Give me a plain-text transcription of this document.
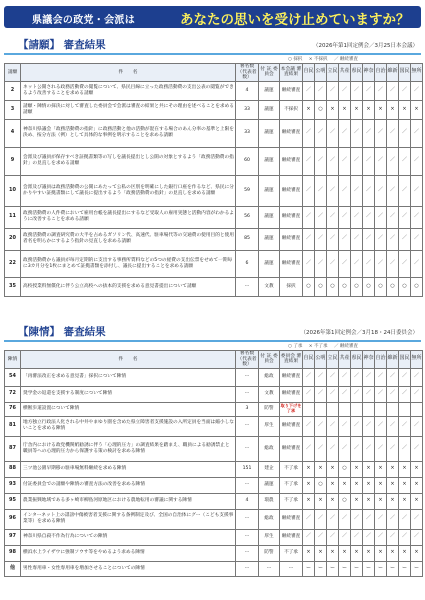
県議会の政党・会派は	あなたの思いを受け止めていますか？
【請願】 審査結果	（2026年第1回定例会／3月25日本会議）
○ 採択 × 不採択 ／ 継続審査
請願	件　　名	署名数（代表者数）	付 託 委員会	本会議 審査結果	自民	公明	立民	共産	県民	神奈	自治	維新	国民	無所
2	ネット公開される政務活動費の閲覧について、県民目線に立った政務活動費の支出公表の閲覧ができるよう改善することを求める請願	4	議運	継続審査	／	／	／	／	／	／	／	／	／	／
3	請願・陳情の採決に対して審査した委員会で会派は審査の結果と共にその理由を述べることを求める請願	33	議運	不採択	×	○	×	×	×	×	×	×	×	×
4	神奈川県議会「政務活動費の指針」に政務活動と他の活動が混在する場合のあん分率の基準と上限を決め、按分方法（例）として具体的な事例を明示することを求める請願	33	議運	継続審査	／	／	／	／	／	／	／	／	／	／
9	会派及び議員が保存すべき証拠書類等の写しを議長提出とし公開の対象とするよう「政務活動費の指針」の見直しを求める請願	60	議運	継続審査	／	／	／	／	／	／	／	／	／	／
10	会派及び議員は政務活動費の公開にあたって公私の区別を明確にした銀行口座を作るなど、県民に分かりやすい証拠書類にして議長に提出するよう「政務活動費の指針」の見直しを求める請願	59	議運	継続審査	／	／	／	／	／	／	／	／	／	／
11	政務活動費の人件費において雇用台帳を議長提出にするなど受取人の雇用実態と活動内容がわかるように改善することを求める請願	56	議運	継続審査	／	／	／	／	／	／	／	／	／	／
20	政務活動費の調査研究費の大半を占めるガソリン代、高速代、駐車場代等の交通費の使用目的と使用者名を明らかにするよう指針の見直しを求める請願	85	議運	継続審査	／	／	／	／	／	／	／	／	／	／
22	政務活動費から議員が毎月定期的に支出する事務所賃料などの5つの経費の支出伝票をせめて一期毎に3カ月分を1枚にまとめて証拠書類を添付し、議長に提出することを求める請願	6	議運	継続審査	／	／	／	／	／	／	／	／	／	／
35	高校授業料無償化に伴う公立高校への抜本的支援を求める意見書提出について請願	ー	文教	採択	○	○	○	○	○	○	○	○	○	○
【陳情】 審査結果	（2026年第1回定例会／3月18・24日委員会）
○ 了承 × 不了承 ／ 継続審査
陳情	件　　名	署名数（代表者数）	付 託 委員会	委員会 審査結果	自民	公明	立民	共産	県民	神奈	自治	維新	国民	無所
54	「再審法改正を求める意見書」採択について陳情	ー	総政	継続審査	／	／	／	／	／	／	／	／	／	／
72	奨学金の返還を支援する制度について陳情	ー	文教	継続審査	／	／	／	／	／	／	／	／	／	／
76	横断歩道設置について陳情	3	防警	取り下げを了承										
81	地方独立行政法人化される中井やまゆり園を含めた県立障害者支援施設の入所定員を当面は縮小しないことを求める陳情	ー	厚生	継続審査	／	／	／	／	／	／	／	／	／	／
87	庁舎内における政党機関紙勧誘に伴う「心理的圧力」の調査結果を踏まえ、職員による勧誘禁止と職員等への心理的圧力から保護する策の検討を求める陳情	ー	総政	継続審査	／	／	／	／	／	／	／	／	／	／
88	三ツ池公園早期移の駐車場無料継続を求める陳情	151	建企	不了承	×	×	×	○	×	×	×	×	×	×
93	付託委員会での請願や陳情の審査方法の改善を求める陳情	ー	議運	不了承	×	○	×	×	×	×	×	×	×	×
95	農業振興地域である多ヶ崎市柳島河原地区における農地転用の審議に関する陳情	4	環農	不了承	×	×	×	○	×	×	×	×	×	×
96	インターネット上の誹謗中傷被害者支援に関する条例制定及び、全国の自治体にグー（こども支援事業等）を求める陳情	ー	総政	継続審査	／	／	／	／	／	／	／	／	／	／
97	神奈川県自殺不作為行為についての陳情	ー	厚生	継続審査	／	／	／	／	／	／	／	／	／	／
98	横浜水上ライザウに強制ソウサ等をやめるよう求める陳情	ー	防警	不了承	×	×	×	×	×	×	×	×	×	×
他	男性専用車・女性専用車を増加させることについての陳情	ー	ー	ー	ー	ー	ー	ー	ー	ー	ー	ー	ー	ー
